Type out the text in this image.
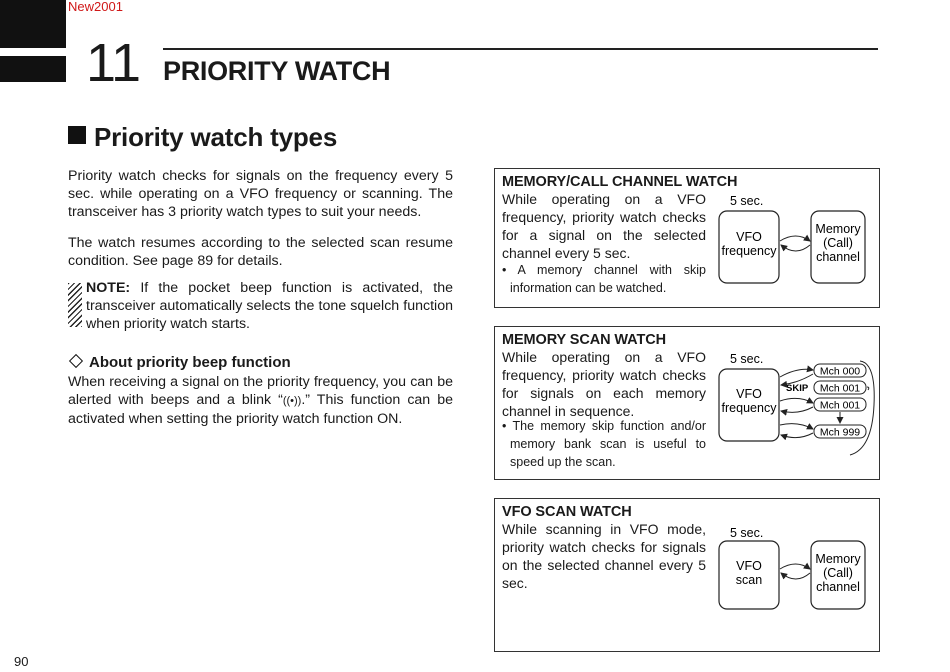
New2001
11 PRIORITY WATCH
Priority watch types
Priority watch checks for signals on the frequency every 5 sec. while operating on a VFO frequency or scanning. The transceiver has 3 priority watch types to suit your needs.
The watch resumes according to the selected scan resume condition. See page 89 for details.
NOTE: If the pocket beep function is activated, the transceiver automatically selects the tone squelch function when priority watch starts.
About priority beep function
When receiving a signal on the priority frequency, you can be alerted with beeps and a blink “((•)).” This function can be activated when setting the priority watch function ON.
MEMORY/CALL CHANNEL WATCH
While operating on a VFO frequency, priority watch checks for a signal on the selected channel every 5 sec.
• A memory channel with skip information can be watched.
5 sec.
VFO
frequency
Memory
(Call)
channel
MEMORY SCAN WATCH
While operating on a VFO frequency, priority watch checks for signals on each memory channel in sequence.
• The memory skip function and/or memory bank scan is useful to speed up the scan.
5 sec.
VFO
frequency
SKIP
Mch 000
Mch 001
Mch 001
Mch 999
VFO SCAN WATCH
While scanning in VFO mode, priority watch checks for signals on the selected channel every 5 sec.
5 sec.
VFO
scan
Memory
(Call)
channel
90
